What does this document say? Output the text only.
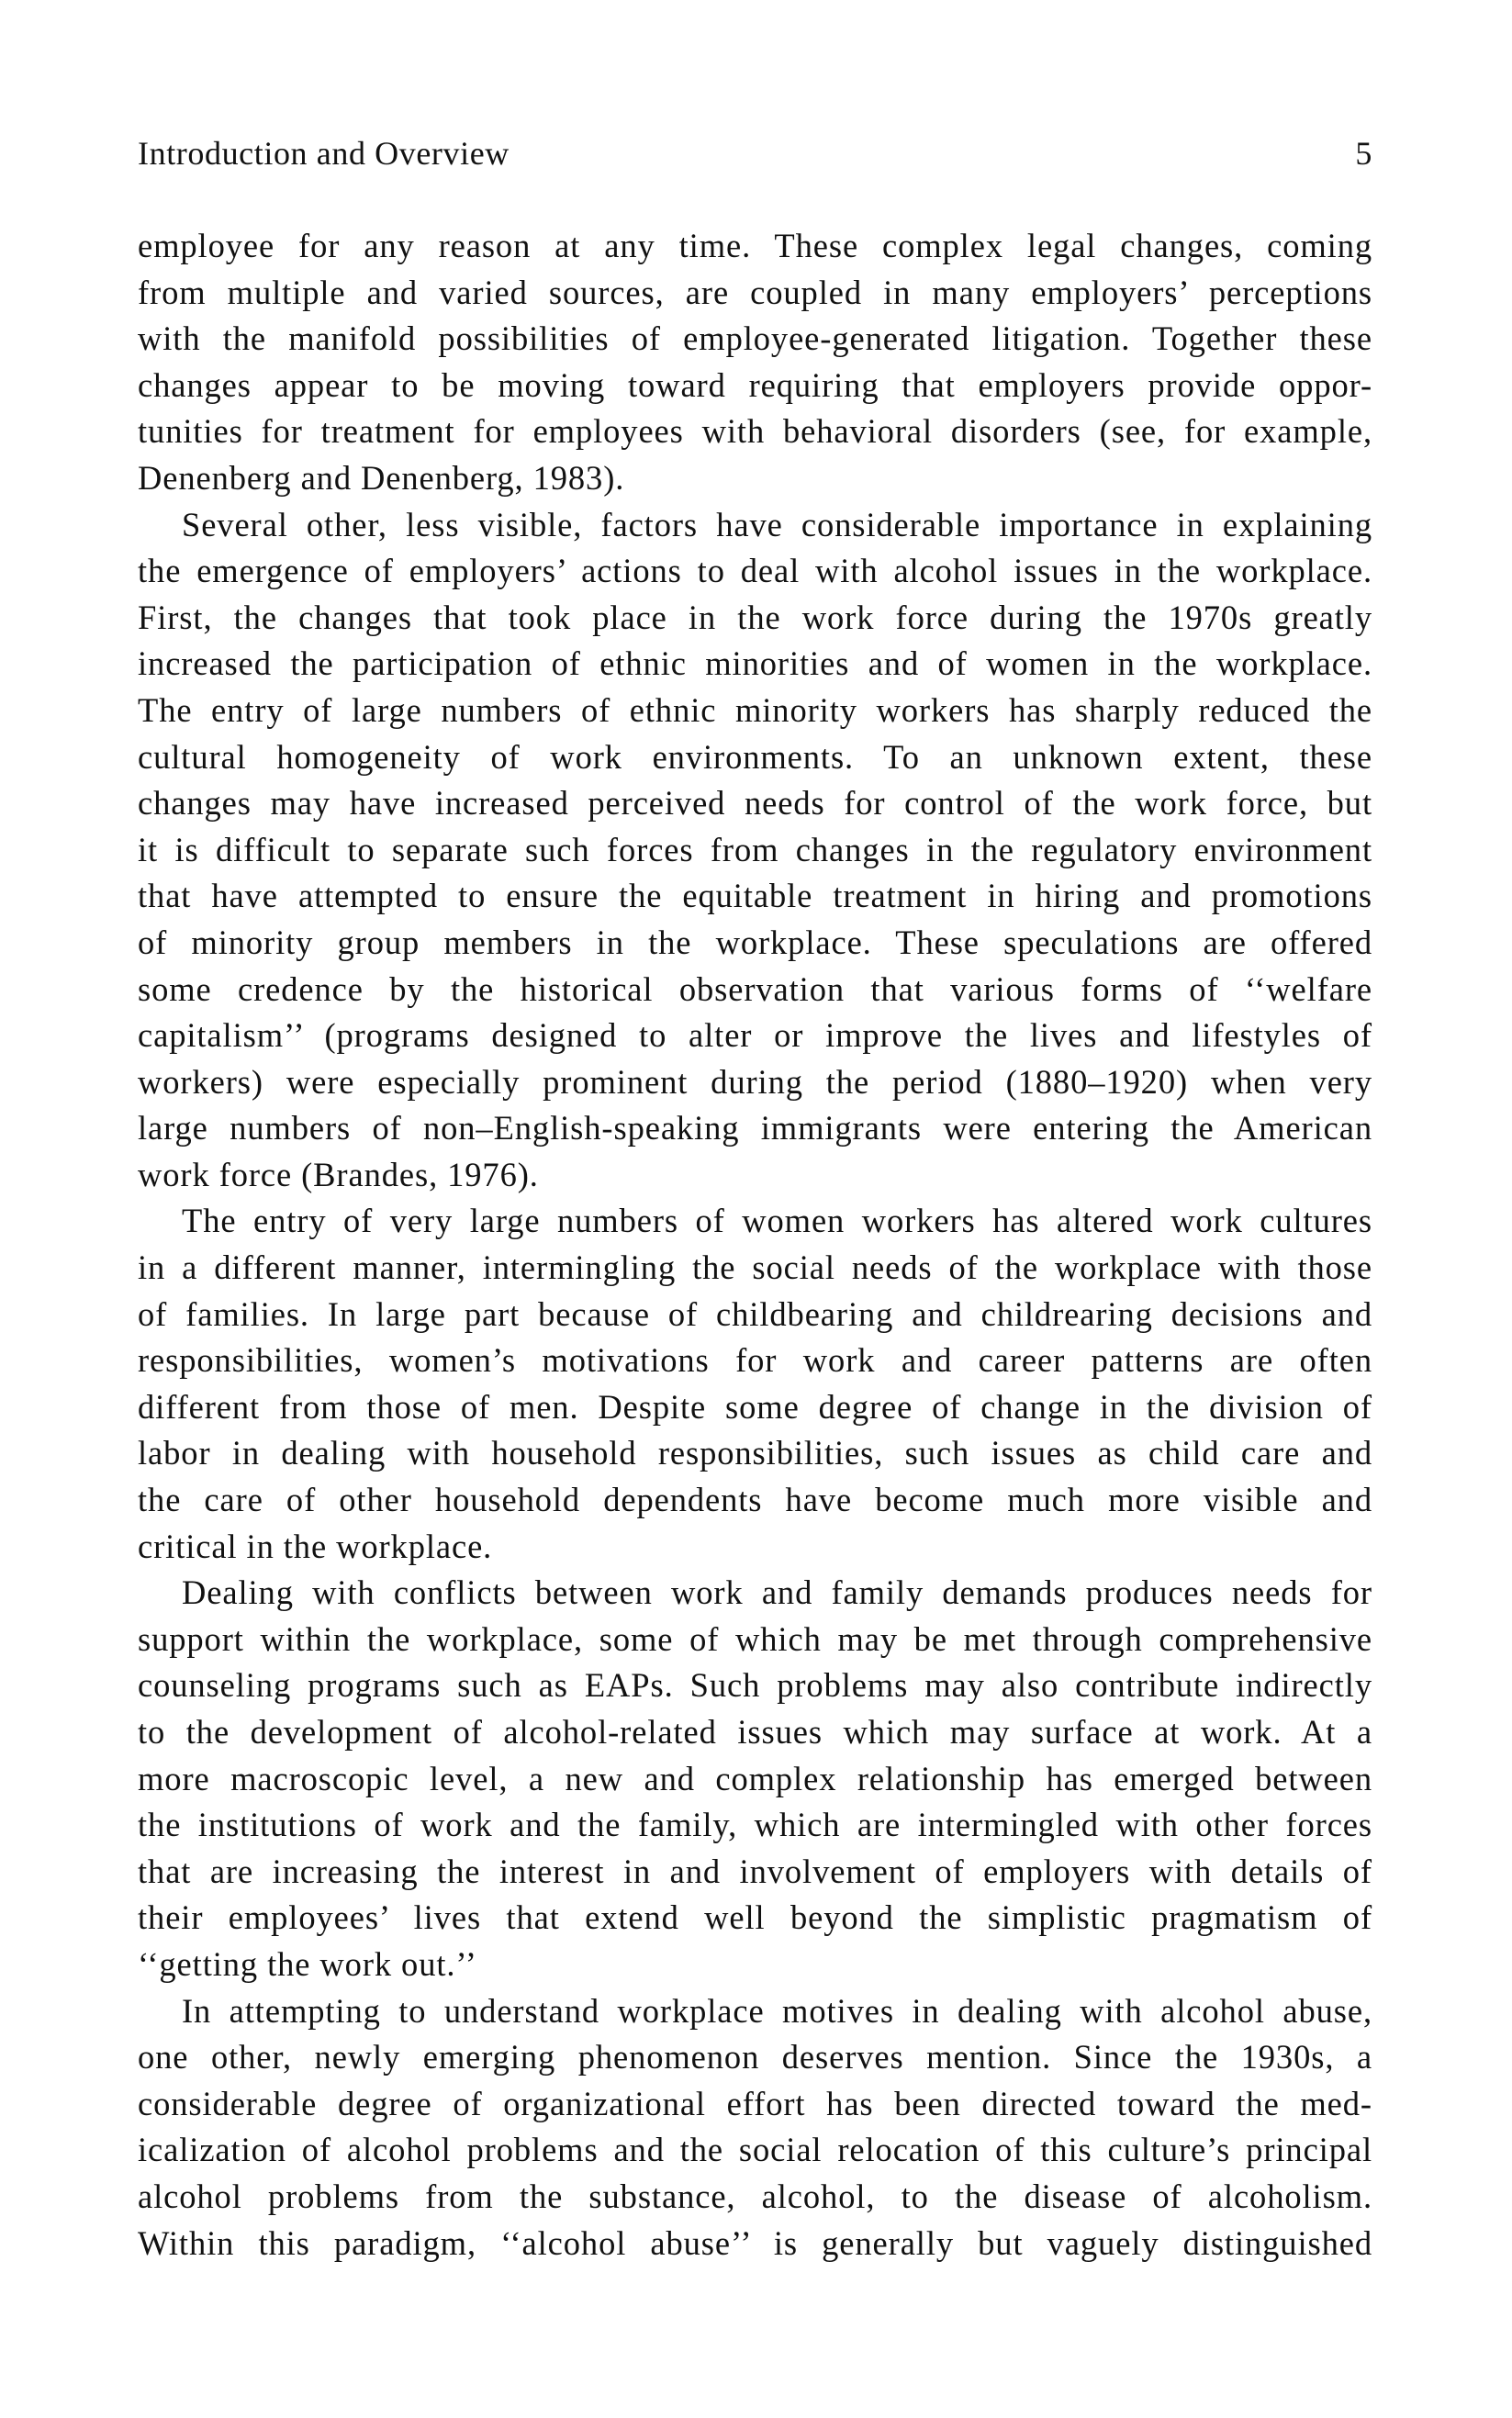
Introduction and Overview	5
employee for any reason at any time. These complex legal changes, coming
from multiple and varied sources, are coupled in many employers’ perceptions
with the manifold possibilities of employee-generated litigation. Together these
changes appear to be moving toward requiring that employers provide oppor-
tunities for treatment for employees with behavioral disorders (see, for example,
Denenberg and Denenberg, 1983).
Several other, less visible, factors have considerable importance in explaining
the emergence of employers’ actions to deal with alcohol issues in the workplace.
First, the changes that took place in the work force during the 1970s greatly
increased the participation of ethnic minorities and of women in the workplace.
The entry of large numbers of ethnic minority workers has sharply reduced the
cultural homogeneity of work environments. To an unknown extent, these
changes may have increased perceived needs for control of the work force, but
it is difficult to separate such forces from changes in the regulatory environment
that have attempted to ensure the equitable treatment in hiring and promotions
of minority group members in the workplace. These speculations are offered
some credence by the historical observation that various forms of ‘‘welfare
capitalism’’ (programs designed to alter or improve the lives and lifestyles of
workers) were especially prominent during the period (1880–1920) when very
large numbers of non–English-speaking immigrants were entering the American
work force (Brandes, 1976).
The entry of very large numbers of women workers has altered work cultures
in a different manner, intermingling the social needs of the workplace with those
of families. In large part because of childbearing and childrearing decisions and
responsibilities, women’s motivations for work and career patterns are often
different from those of men. Despite some degree of change in the division of
labor in dealing with household responsibilities, such issues as child care and
the care of other household dependents have become much more visible and
critical in the workplace.
Dealing with conflicts between work and family demands produces needs for
support within the workplace, some of which may be met through comprehensive
counseling programs such as EAPs. Such problems may also contribute indirectly
to the development of alcohol-related issues which may surface at work. At a
more macroscopic level, a new and complex relationship has emerged between
the institutions of work and the family, which are intermingled with other forces
that are increasing the interest in and involvement of employers with details of
their employees’ lives that extend well beyond the simplistic pragmatism of
‘‘getting the work out.’’
In attempting to understand workplace motives in dealing with alcohol abuse,
one other, newly emerging phenomenon deserves mention. Since the 1930s, a
considerable degree of organizational effort has been directed toward the med-
icalization of alcohol problems and the social relocation of this culture’s principal
alcohol problems from the substance, alcohol, to the disease of alcoholism.
Within this paradigm, ‘‘alcohol abuse’’ is generally but vaguely distinguished
